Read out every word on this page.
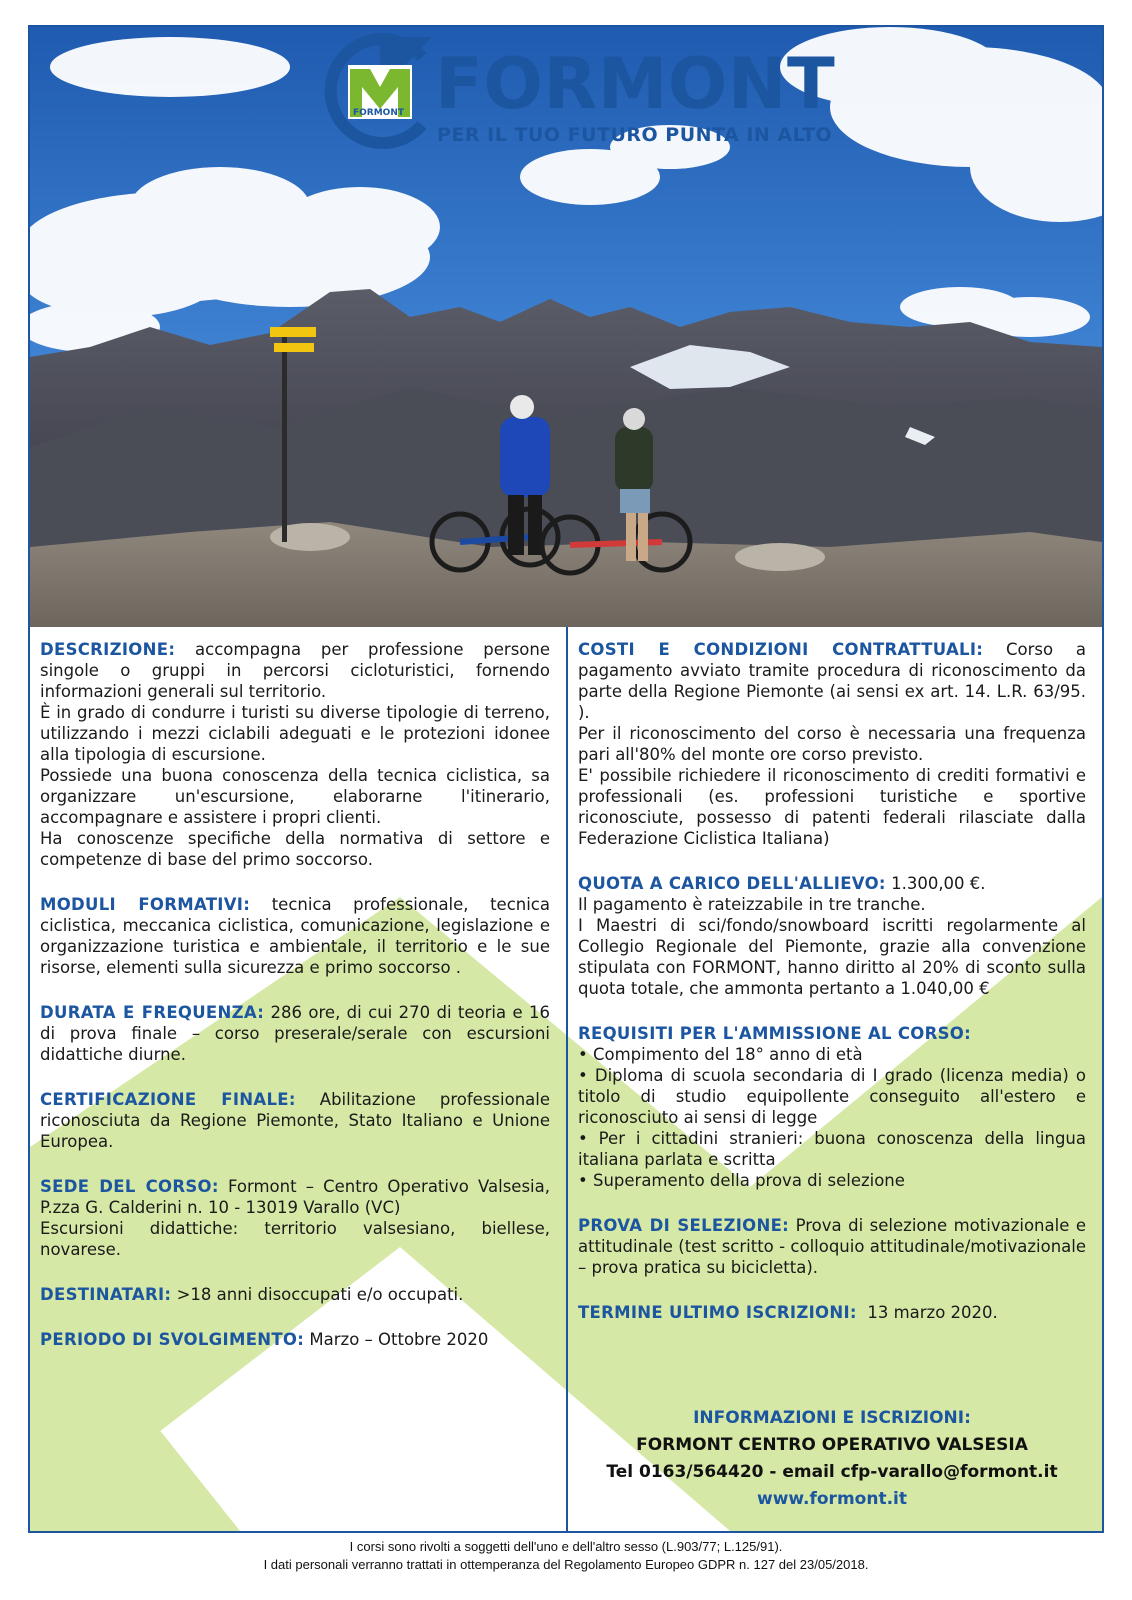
FORMONT FORMONT
PER IL TUO FUTURO PUNTA IN ALTO

DESCRIZIONE: accompagna per professione persone singole o gruppi in percorsi cicloturistici, fornendo informazioni generali sul territorio.

È in grado di condurre i turisti su diverse tipologie di terreno, utilizzando i mezzi ciclabili adeguati e le protezioni idonee alla tipologia di escursione.

Possiede una buona conoscenza della tecnica ciclistica, sa organizzare un'escursione, elaborarne l'itinerario, accompagnare e assistere i propri clienti.

Ha conoscenze specifiche della normativa di settore e competenze di base del primo soccorso.

MODULI FORMATIVI: tecnica professionale, tecnica ciclistica, meccanica ciclistica, comunicazione, legislazione e organizzazione turistica e ambientale, il territorio e le sue risorse, elementi sulla sicurezza e primo soccorso .

DURATA E FREQUENZA: 286 ore, di cui 270 di teoria e 16 di prova finale – corso preserale/serale con escursioni didattiche diurne.

CERTIFICAZIONE FINALE: Abilitazione professionale riconosciuta da Regione Piemonte, Stato Italiano e Unione Europea.

SEDE DEL CORSO: Formont – Centro Operativo Valsesia, P.zza G. Calderini n. 10 - 13019 Varallo (VC)

Escursioni didattiche: territorio valsesiano, biellese, novarese.

DESTINATARI: >18 anni disoccupati e/o occupati.

PERIODO DI SVOLGIMENTO: Marzo – Ottobre 2020

COSTI E CONDIZIONI CONTRATTUALI: Corso a pagamento avviato tramite procedura di riconoscimento da parte della Regione Piemonte (ai sensi ex art. 14. L.R. 63/95. ).

Per il riconoscimento del corso è necessaria una frequenza pari all'80% del monte ore corso previsto.

E' possibile richiedere il riconoscimento di crediti formativi e professionali (es. professioni turistiche e sportive riconosciute, possesso di patenti federali rilasciate dalla Federazione Ciclistica Italiana)

QUOTA A CARICO DELL'ALLIEVO: 1.300,00 €.

Il pagamento è rateizzabile in tre tranche.

I Maestri di sci/fondo/snowboard iscritti regolarmente al Collegio Regionale del Piemonte, grazie alla convenzione stipulata con FORMONT, hanno diritto al 20% di sconto sulla quota totale, che ammonta pertanto a 1.040,00 €

REQUISITI PER L'AMMISSIONE AL CORSO:

• Compimento del 18° anno di età

• Diploma di scuola secondaria di I grado (licenza media) o titolo di studio equipollente conseguito all'estero e riconosciuto ai sensi di legge

• Per i cittadini stranieri: buona conoscenza della lingua italiana parlata e scritta

• Superamento della prova di selezione

PROVA DI SELEZIONE: Prova di selezione motivazionale e attitudinale (test scritto - colloquio attitudinale/motivazionale – prova pratica su bicicletta).

TERMINE ULTIMO ISCRIZIONI: 13 marzo 2020.

INFORMAZIONI E ISCRIZIONI:
FORMONT CENTRO OPERATIVO VALSESIA
Tel 0163/564420 - email cfp-varallo@formont.it
www.formont.it
I corsi sono rivolti a soggetti dell'uno e dell'altro sesso (L.903/77; L.125/91).
I dati personali verranno trattati in ottemperanza del Regolamento Europeo GDPR n. 127 del 23/05/2018.
